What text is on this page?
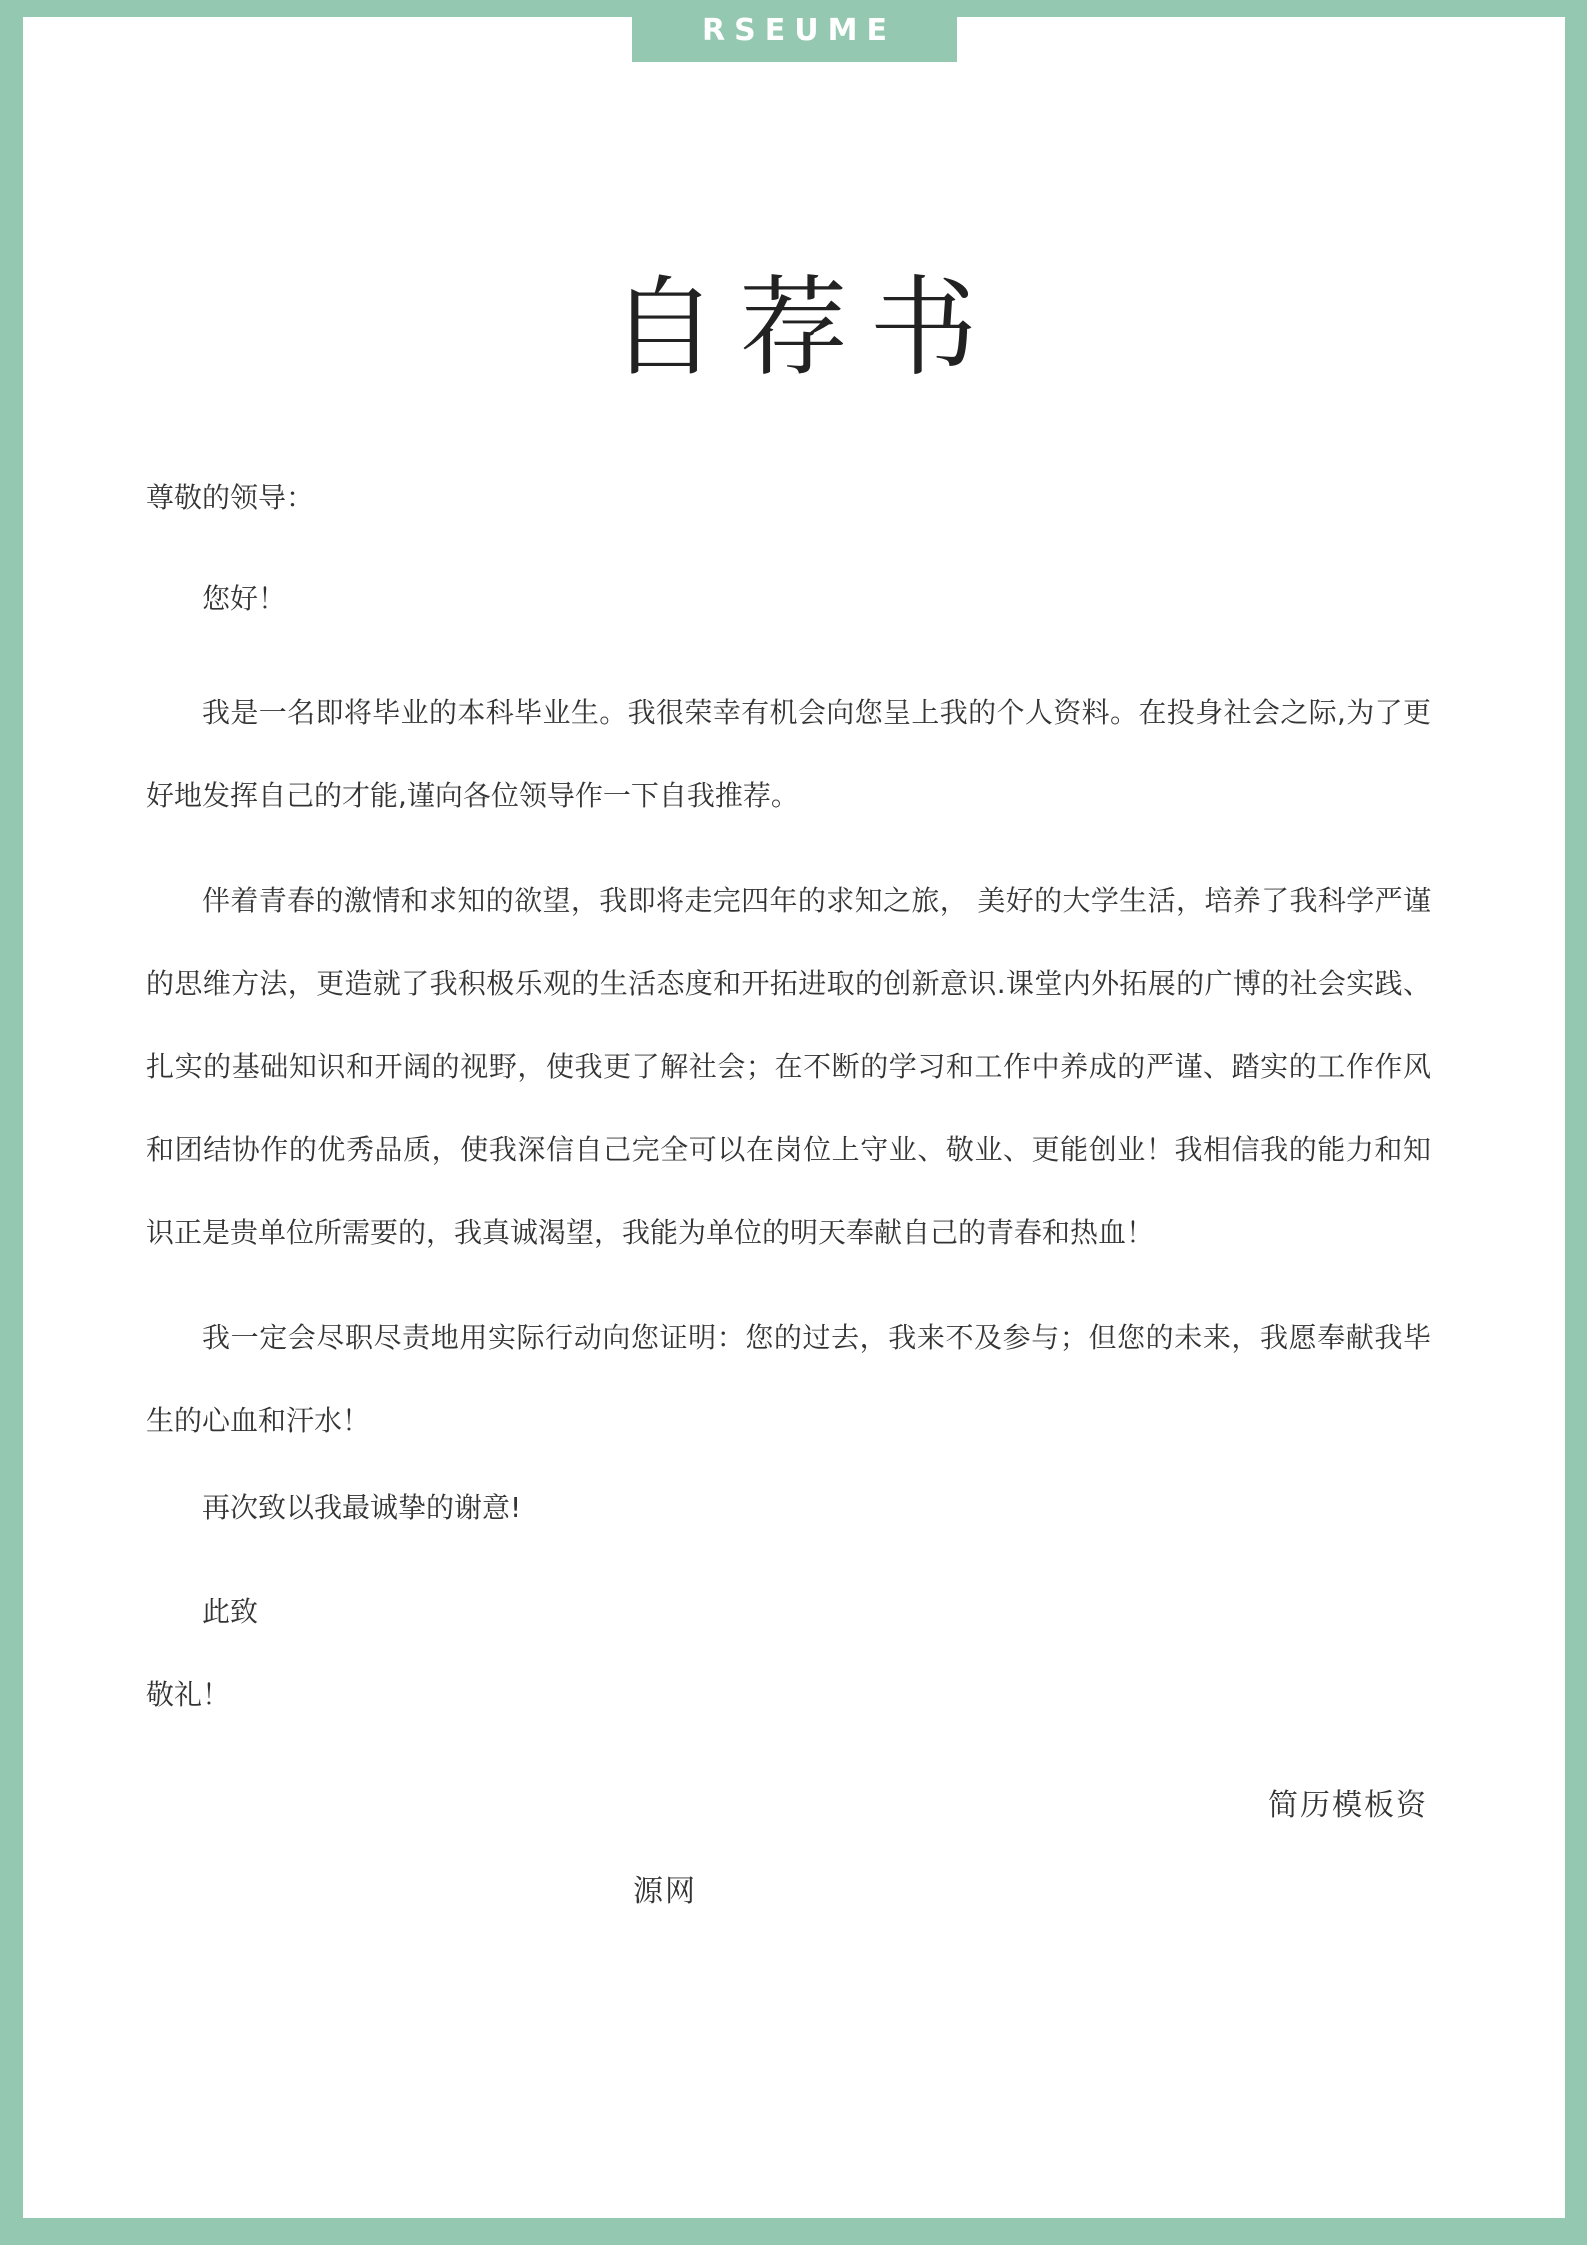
RSEUME
自荐书

尊敬的领导：

您好！

我是一名即将毕业的本科毕业生。我很荣幸有机会向您呈上我的个人资料。在投身社会之际,为了更好地发挥自己的才能,谨向各位领导作一下自我推荐。

伴着青春的激情和求知的欲望，我即将走完四年的求知之旅， 美好的大学生活，培养了我科学严谨的思维方法，更造就了我积极乐观的生活态度和开拓进取的创新意识.课堂内外拓展的广博的社会实践、扎实的基础知识和开阔的视野，使我更了解社会；在不断的学习和工作中养成的严谨、踏实的工作作风和团结协作的优秀品质，使我深信自己完全可以在岗位上守业、敬业、更能创业！我相信我的能力和知识正是贵单位所需要的，我真诚渴望，我能为单位的明天奉献自己的青春和热血！

我一定会尽职尽责地用实际行动向您证明：您的过去，我来不及参与；但您的未来，我愿奉献我毕生的心血和汗水！

再次致以我最诚挚的谢意!

此致

敬礼！

简历模板资
源网
